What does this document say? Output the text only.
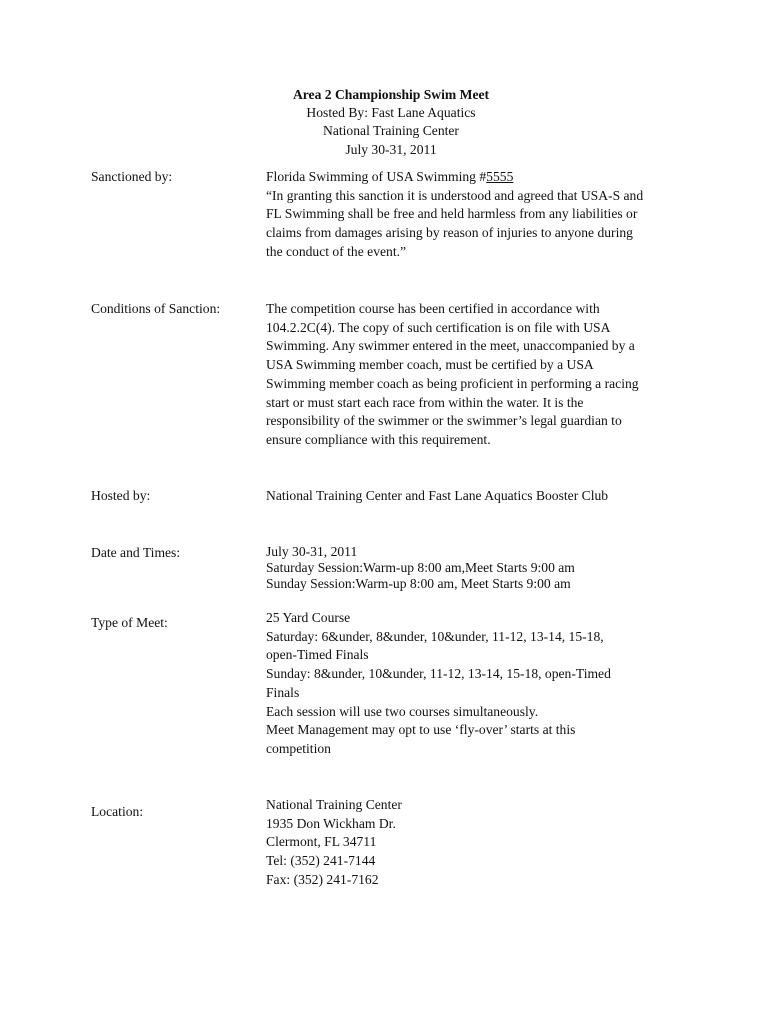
Area 2 Championship Swim Meet
Hosted By: Fast Lane Aquatics
National Training Center
July 30-31, 2011
Sanctioned by:	Florida Swimming of USA Swimming #5555
“In granting this sanction it is understood and agreed that USA-S and
FL Swimming shall be free and held harmless from any liabilities or
claims from damages arising by reason of injuries to anyone during
the conduct of the event.”
Conditions of Sanction:	The competition course has been certified in accordance with
104.2.2C(4). The copy of such certification is on file with USA
Swimming. Any swimmer entered in the meet, unaccompanied by a
USA Swimming member coach, must be certified by a USA
Swimming member coach as being proficient in performing a racing
start or must start each race from within the water. It is the
responsibility of the swimmer or the swimmer’s legal guardian to
ensure compliance with this requirement.
Hosted by:	National Training Center and Fast Lane Aquatics Booster Club
Date and Times:	July 30-31, 2011
Saturday Session:Warm-up 8:00 am,Meet Starts 9:00 am
Sunday Session:Warm-up 8:00 am, Meet Starts 9:00 am
Type of Meet:	25 Yard Course
Saturday: 6&under, 8&under, 10&under, 11-12, 13-14, 15-18,
open-Timed Finals
Sunday: 8&under, 10&under, 11-12, 13-14, 15-18, open-Timed
Finals
Each session will use two courses simultaneously.
Meet Management may opt to use ‘fly-over’ starts at this
competition
Location:	National Training Center
1935 Don Wickham Dr.
Clermont, FL 34711
Tel: (352) 241-7144
Fax: (352) 241-7162
